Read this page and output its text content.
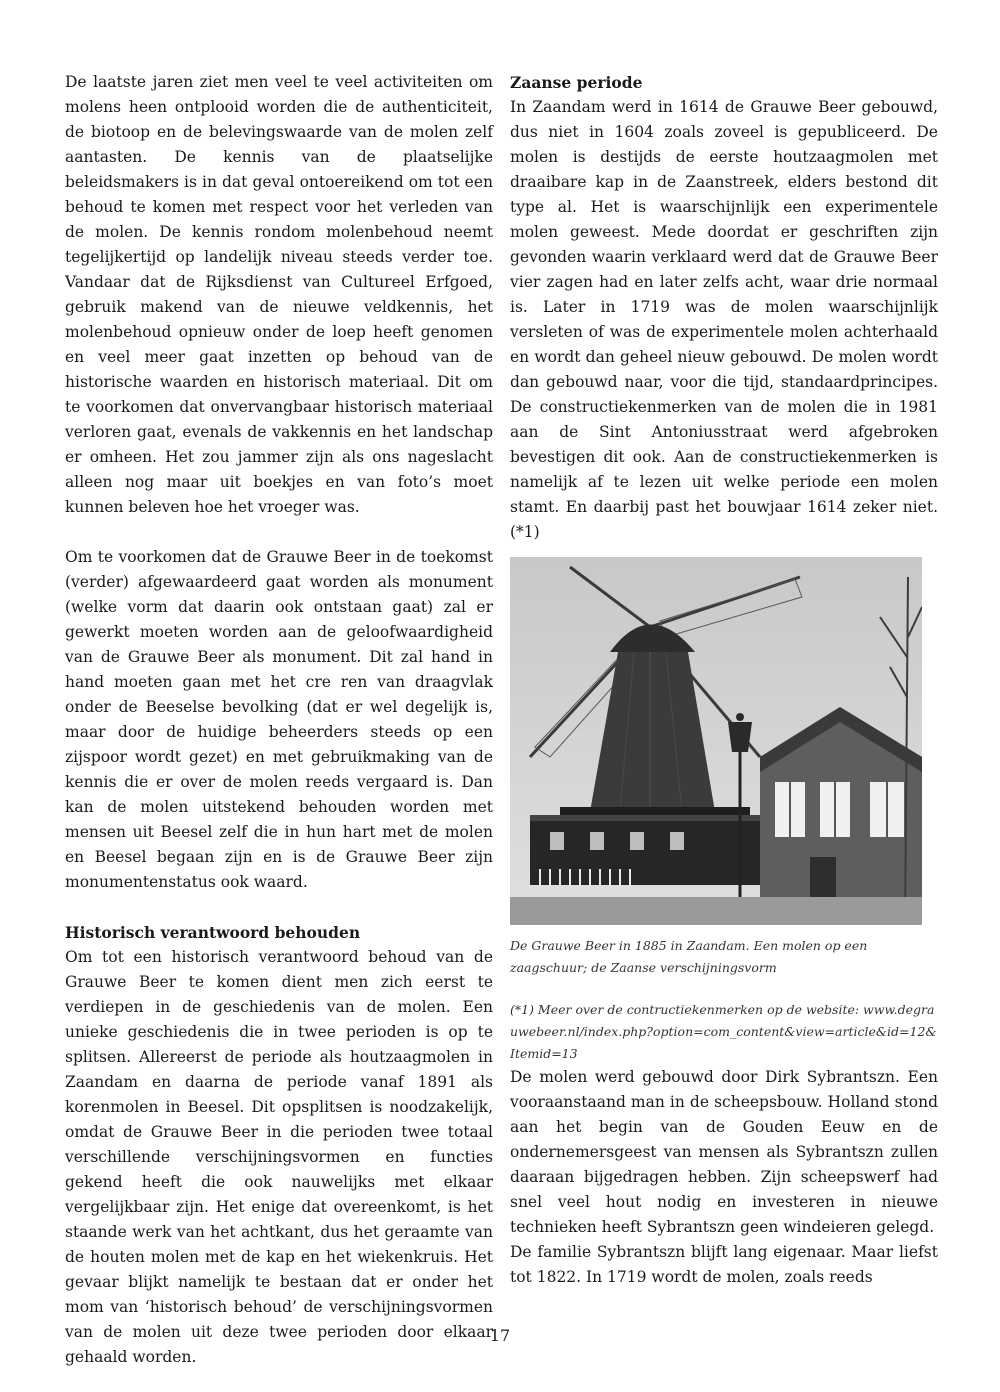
De laatste jaren ziet men veel te veel activiteiten om molens heen ontplooid worden die de authenticiteit, de biotoop en de belevingswaarde van de molen zelf aantasten. De kennis van de plaatselijke beleidsmakers is in dat geval ontoereikend om tot een behoud te komen met respect voor het verleden van de molen. De kennis rondom molenbehoud neemt tegelijkertijd op landelijk niveau steeds verder toe. Vandaar dat de Rijksdienst van Cultureel Erfgoed, gebruik makend van de nieuwe veldkennis, het molenbehoud opnieuw onder de loep heeft genomen en veel meer gaat inzetten op behoud van de historische waarden en historisch materiaal. Dit om te voorkomen dat onvervangbaar historisch materiaal verloren gaat, evenals de vakkennis en het landschap er omheen. Het zou jammer zijn als ons nageslacht alleen nog maar uit boekjes en van foto’s moet kunnen beleven hoe het vroeger was.

Om te voorkomen dat de Grauwe Beer in de toekomst (verder) afgewaardeerd gaat worden als monument (welke vorm dat daarin ook ontstaan gaat) zal er gewerkt moeten worden aan de geloofwaardigheid van de Grauwe Beer als monument. Dit zal hand in hand moeten gaan met het cre ren van draagvlak onder de Beeselse bevolking (dat er wel degelijk is, maar door de huidige beheerders steeds op een zijspoor wordt gezet) en met gebruikmaking van de kennis die er over de molen reeds vergaard is. Dan kan de molen uitstekend behouden worden met mensen uit Beesel zelf die in hun hart met de molen en Beesel begaan zijn en is de Grauwe Beer zijn monumentenstatus ook waard.

Historisch verantwoord behouden

Om tot een historisch verantwoord behoud van de Grauwe Beer te komen dient men zich eerst te verdiepen in de geschiedenis van de molen. Een unieke geschiedenis die in twee perioden is op te splitsen. Allereerst de periode als houtzaagmolen in Zaandam en daarna de periode vanaf 1891 als korenmolen in Beesel. Dit opsplitsen is noodzakelijk, omdat de Grauwe Beer in die perioden twee totaal verschillende verschijningsvormen en functies gekend heeft die ook nauwelijks met elkaar vergelijkbaar zijn. Het enige dat overeenkomt, is het staande werk van het achtkant, dus het geraamte van de houten molen met de kap en het wiekenkruis. Het gevaar blijkt namelijk te bestaan dat er onder het mom van ‘historisch behoud’ de verschijningsvormen van de molen uit deze twee perioden door elkaar gehaald worden.

Zaanse periode

In Zaandam werd in 1614 de Grauwe Beer gebouwd, dus niet in 1604 zoals zoveel is gepubliceerd. De molen is destijds de eerste houtzaagmolen met draaibare kap in de Zaanstreek, elders bestond dit type al. Het is waarschijnlijk een experimentele molen geweest. Mede doordat er geschriften zijn gevonden waarin verklaard werd dat de Grauwe Beer vier zagen had en later zelfs acht, waar drie normaal is. Later in 1719 was de molen waarschijnlijk versleten of was de experimentele molen achterhaald en wordt dan geheel nieuw gebouwd. De molen wordt dan gebouwd naar, voor die tijd, standaardprincipes. De constructiekenmerken van de molen die in 1981 aan de Sint Antoniusstraat werd afgebroken bevestigen dit ook. Aan de constructiekenmerken is namelijk af te lezen uit welke periode een molen stamt. En daarbij past het bouwjaar 1614 zeker niet.(*1)

De Grauwe Beer in 1885 in Zaandam. Een molen op een zaagschuur; de Zaanse verschijningsvorm

(*1) Meer over de contructiekenmerken op de website: www.degrauwebeer.nl/index.php?option=com_content&view=article&id=12&Itemid=13

De molen werd gebouwd door Dirk Sybrantszn. Een vooraanstaand man in de scheepsbouw. Holland stond aan het begin van de Gouden Eeuw en de ondernemersgeest van mensen als Sybrantszn zullen daaraan bijgedragen hebben. Zijn scheepswerf had snel veel hout nodig en investeren in nieuwe technieken heeft Sybrantszn geen windeieren gelegd.

De familie Sybrantszn blijft lang eigenaar. Maar liefst tot 1822. In 1719 wordt de molen, zoals reeds

17
